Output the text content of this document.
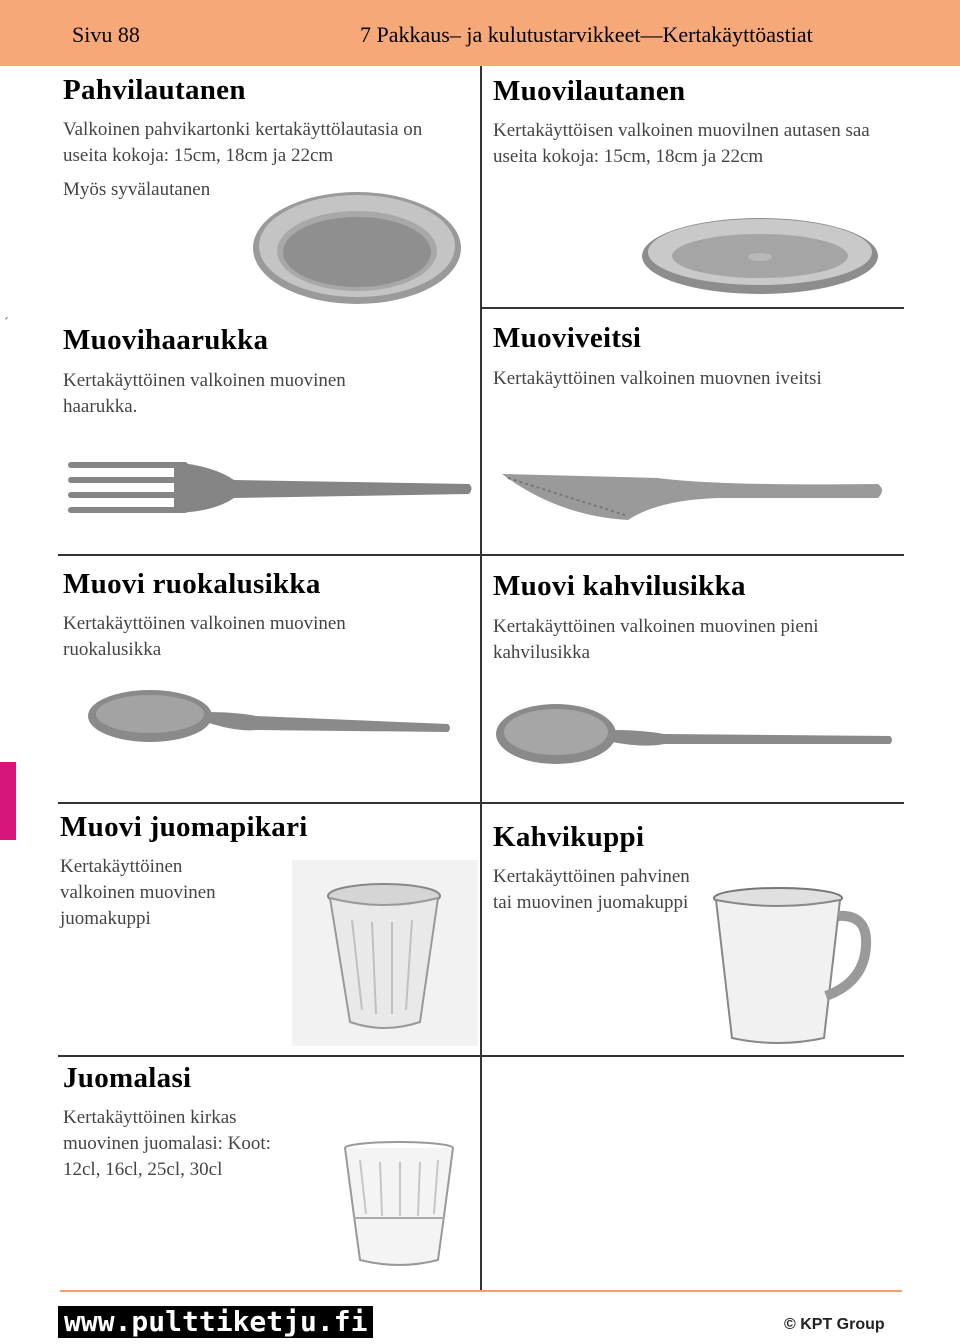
Sivu 88	7 Pakkaus– ja kulutustarvikkeet—Kertakäyttöastiat
´
Pahvilautanen
Valkoinen pahvikartonki kertakäyttölautasia on useita kokoja: 15cm, 18cm ja 22cm
Myös syvälautanen
Muovilautanen
Kertakäyttöisen valkoinen muovilnen autasen saa useita kokoja: 15cm, 18cm ja 22cm
Muovihaarukka
Kertakäyttöinen valkoinen muovinen haarukka.
Muoviveitsi
Kertakäyttöinen valkoinen muovnen iveitsi
Muovi ruokalusikka
Kertakäyttöinen valkoinen muovinen ruokalusikka
Muovi kahvilusikka
Kertakäyttöinen valkoinen muovinen pieni kahvilusikka
Muovi juomapikari
Kertakäyttöinen valkoinen muovinen juomakuppi
Kahvikuppi
Kertakäyttöinen pahvinen tai muovinen juomakuppi
Juomalasi
Kertakäyttöinen kirkas muovinen juomalasi: Koot: 12cl, 16cl, 25cl, 30cl
www.pulttiketju.fi	© KPT Group
